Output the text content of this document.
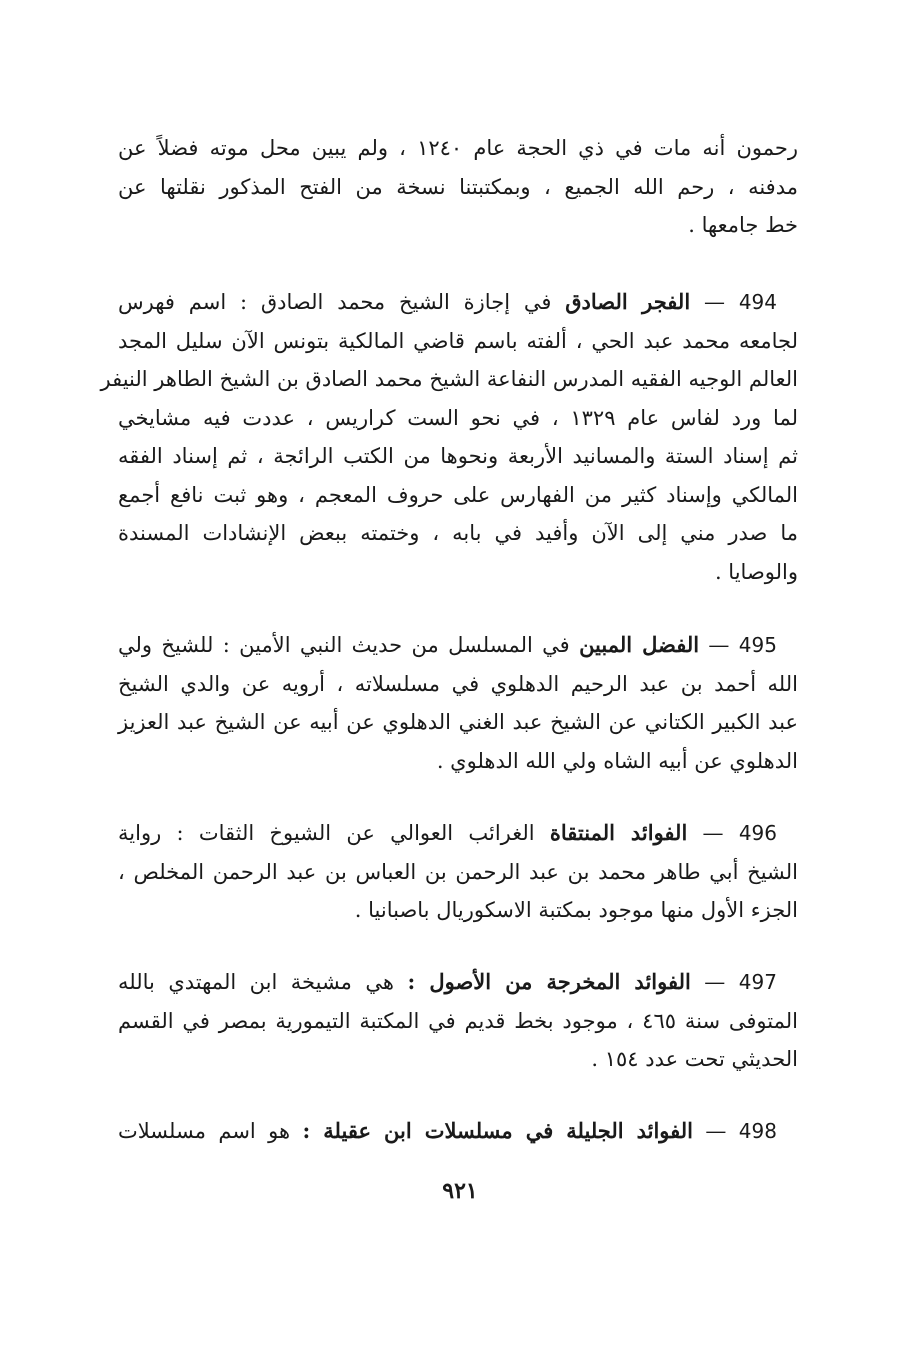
رحمون أنه مات في ذي الحجة عام ١٢٤٠ ، ولم يبين محل موته فضلاً عن
مدفنه ، رحم الله الجميع ، وبمكتبتنا نسخة من الفتح المذكور نقلتها عن
خط جامعها .
 494 — الفجر الصادق في إجازة الشيخ محمد الصادق : اسم فهرس
لجامعه محمد عبد الحي ، ألفته باسم قاضي المالكية بتونس الآن سليل المجد
العالم الوجيه الفقيه المدرس النفاعة الشيخ محمد الصادق بن الشيخ الطاهر النيفر
لما ورد لفاس عام ١٣٢٩ ، في نحو الست كراريس ، عددت فيه مشايخي
ثم إسناد الستة والمسانيد الأربعة ونحوها من الكتب الرائجة ، ثم إسناد الفقه
المالكي وإسناد كثير من الفهارس على حروف المعجم ، وهو ثبت نافع أجمع
ما صدر مني إلى الآن وأفيد في بابه ، وختمته ببعض الإنشادات المسندة
والوصايا .
 495 — الفضل المبين في المسلسل من حديث النبي الأمين : للشيخ ولي
الله أحمد بن عبد الرحيم الدهلوي في مسلسلاته ، أرويه عن والدي الشيخ
عبد الكبير الكتاني عن الشيخ عبد الغني الدهلوي عن أبيه عن الشيخ عبد العزيز
الدهلوي عن أبيه الشاه ولي الله الدهلوي .
 496 — الفوائد المنتقاة الغرائب العوالي عن الشيوخ الثقات : رواية
الشيخ أبي طاهر محمد بن عبد الرحمن بن العباس بن عبد الرحمن المخلص ،
الجزء الأول منها موجود بمكتبة الاسكوريال باصبانيا .
 497 — الفوائد المخرجة من الأصول : هي مشيخة ابن المهتدي بالله
المتوفى سنة ٤٦٥ ، موجود بخط قديم في المكتبة التيمورية بمصر في القسم
الحديثي تحت عدد ١٥٤ .
 498 — الفوائد الجليلة في مسلسلات ابن عقيلة : هو اسم مسلسلات
٩٢١
